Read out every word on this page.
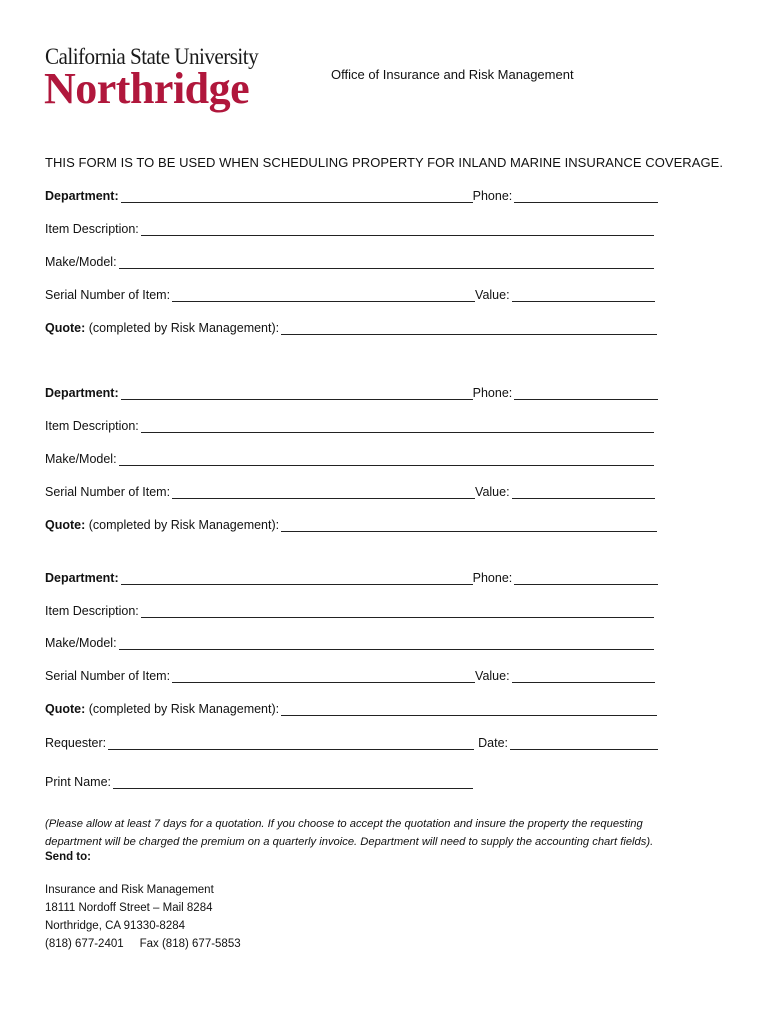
California State University
Northridge	Office of Insurance and Risk Management
THIS FORM IS TO BE USED WHEN SCHEDULING PROPERTY FOR INLAND MARINE INSURANCE COVERAGE.
Department:	Phone:
Item Description:
Make/Model:
Serial Number of Item:	Value:
Quote:
(completed by Risk Management):
Department:	Phone:
Item Description:
Make/Model:
Serial Number of Item:	Value:
Quote:
(completed by Risk Management):
Department:	Phone:
Item Description:
Make/Model:
Serial Number of Item:	Value:
Quote:
(completed by Risk Management):
Requester:	Date:
Print Name:
(Please allow at least 7 days for a quotation. If you choose to accept the quotation and insure the property the requesting
department will be charged the premium on a quarterly invoice. Department will need to supply the accounting chart fields).
Send to:
Insurance and Risk Management
18111 Nordoff Street – Mail 8284
Northridge, CA 91330-8284
(818) 677-2401     Fax (818) 677-5853
